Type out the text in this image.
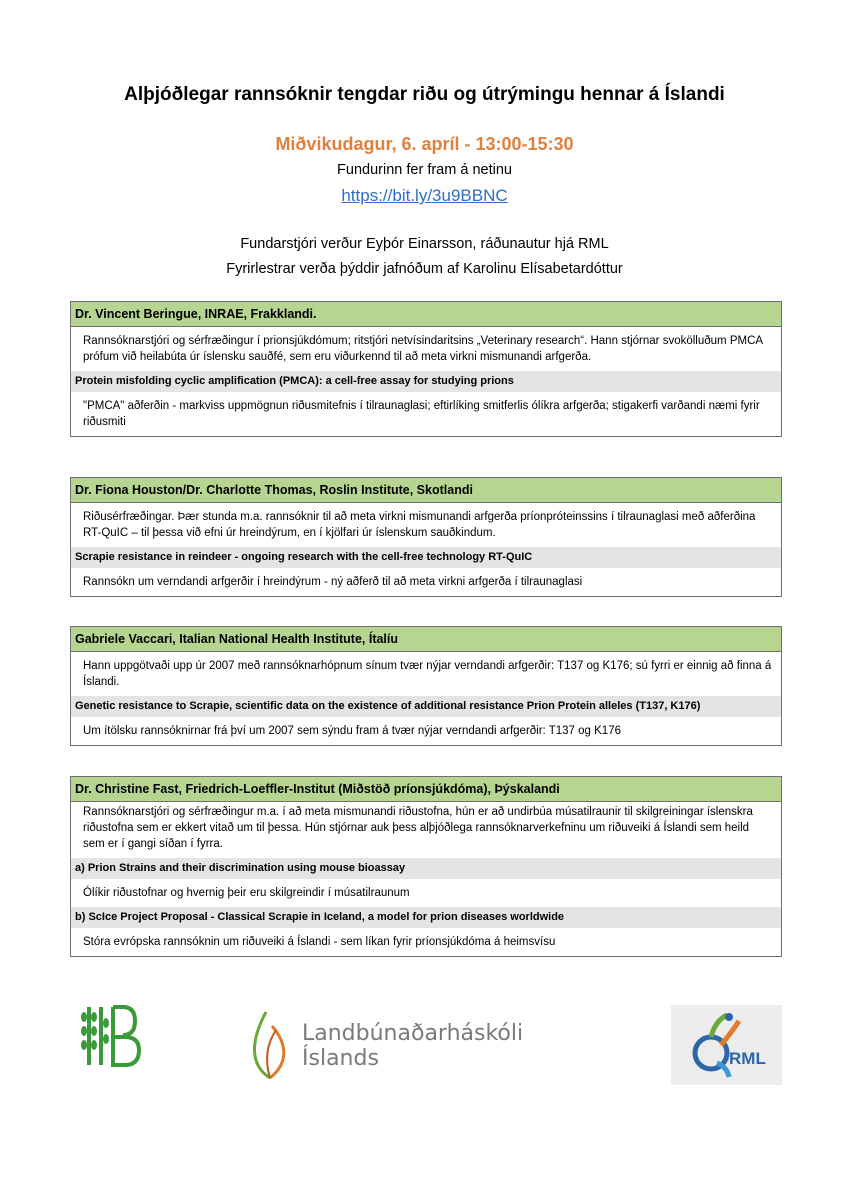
Alþjóðlegar rannsóknir tengdar riðu og útrýmingu hennar á Íslandi
Miðvikudagur, 6. apríl - 13:00-15:30
Fundurinn fer fram á netinu
https://bit.ly/3u9BBNC
Fundarstjóri verður Eyþór Einarsson, ráðunautur hjá RML
Fyrirlestrar verða þýddir jafnóðum af Karolinu Elísabetardóttur
Dr. Vincent Beringue, INRAE, Frakklandi.
Rannsóknarstjóri og sérfræðingur í prionsjúkdómum; ritstjóri netvísindaritsins „Veterinary research“. Hann stjórnar svokölluðum PMCA prófum við heilabúta úr íslensku sauðfé, sem eru viðurkennd til að meta virkni mismunandi arfgerða.
Protein misfolding cyclic amplification (PMCA): a cell-free assay for studying prions
"PMCA" aðferðin - markviss uppmögnun riðusmitefnis í tilraunaglasi; eftirlíking smitferlis ólíkra arfgerða; stigakerfi varðandi næmi fyrir riðusmiti
Dr. Fiona Houston/Dr. Charlotte Thomas, Roslin Institute, Skotlandi
Riðusérfræðingar. Þær stunda m.a. rannsóknir til að meta virkni mismunandi arfgerða príonpróteinssins í tilraunaglasi með aðferðina RT-QuIC – til þessa við efni úr hreindýrum, en í kjölfari úr íslenskum sauðkindum.
Scrapie resistance in reindeer - ongoing research with the cell-free technology RT-QuIC
Rannsókn um verndandi arfgerðir í hreindýrum - ný aðferð til að meta virkni arfgerða í tilraunaglasi
Gabriele Vaccari, Italian National Health Institute, Ítalíu
Hann uppgötvaði upp úr 2007 með rannsóknarhópnum sínum tvær nýjar verndandi arfgerðir: T137 og K176; sú fyrri er einnig að finna á Íslandi.
Genetic resistance to Scrapie, scientific data on the existence of additional resistance Prion Protein alleles (T137, K176)
Um ítölsku rannsóknirnar frá því um 2007 sem sýndu fram á tvær nýjar verndandi arfgerðir: T137 og K176
Dr. Christine Fast, Friedrich-Loeffler-Institut (Miðstöð príonsjúkdóma), Þýskalandi
Rannsóknarstjóri og sérfræðingur m.a. í að meta mismunandi riðustofna, hún er að undirbúa músatilraunir til skilgreiningar íslenskra riðustofna sem er ekkert vitað um til þessa. Hún stjórnar auk þess alþjóðlega rannsóknarverkefninu um riðuveiki á Íslandi sem heild sem er í gangi síðan í fyrra.
a) Prion Strains and their discrimination using mouse bioassay
Ólíkir riðustofnar og hvernig þeir eru skilgreindir í músatilraunum
b) ScIce Project Proposal - Classical Scrapie in Iceland, a model for prion diseases worldwide
Stóra evrópska rannsóknin um riðuveiki á Íslandi - sem líkan fyrir príonsjúkdóma á heimsvísu
Landbúnaðarháskóli
Íslands	RML
